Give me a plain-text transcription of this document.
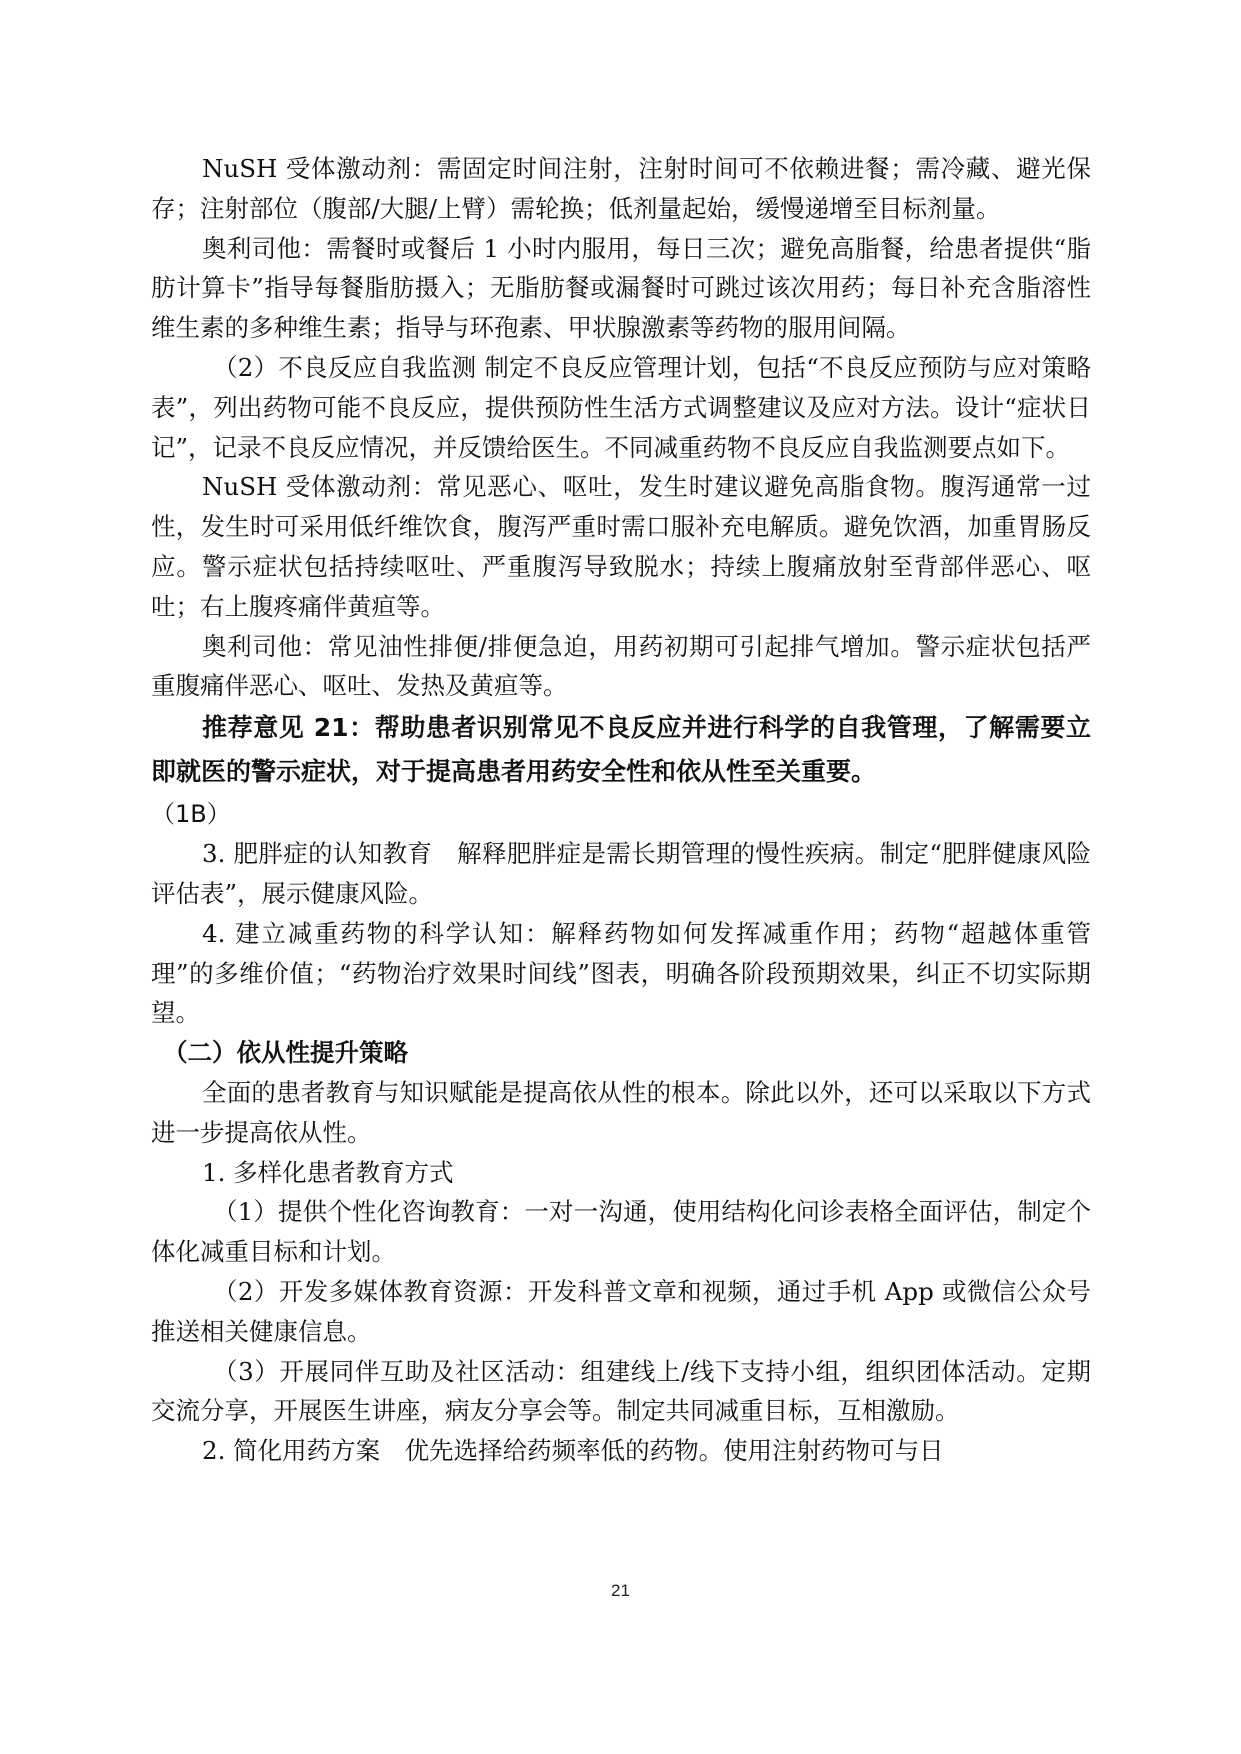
NuSH 受体激动剂：需固定时间注射，注射时间可不依赖进餐；需冷藏、避光保存；注射部位（腹部/大腿/上臂）需轮换；低剂量起始，缓慢递增至目标剂量。

奥利司他：需餐时或餐后 1 小时内服用，每日三次；避免高脂餐，给患者提供“脂肪计算卡”指导每餐脂肪摄入；无脂肪餐或漏餐时可跳过该次用药；每日补充含脂溶性维生素的多种维生素；指导与环孢素、甲状腺激素等药物的服用间隔。

（2）不良反应自我监测 制定不良反应管理计划，包括“不良反应预防与应对策略表”，列出药物可能不良反应，提供预防性生活方式调整建议及应对方法。设计“症状日记”，记录不良反应情况，并反馈给医生。不同减重药物不良反应自我监测要点如下。

NuSH 受体激动剂：常见恶心、呕吐，发生时建议避免高脂食物。腹泻通常一过性，发生时可采用低纤维饮食，腹泻严重时需口服补充电解质。避免饮酒，加重胃肠反应。警示症状包括持续呕吐、严重腹泻导致脱水；持续上腹痛放射至背部伴恶心、呕吐；右上腹疼痛伴黄疸等。

奥利司他：常见油性排便/排便急迫，用药初期可引起排气增加。警示症状包括严重腹痛伴恶心、呕吐、发热及黄疸等。

推荐意见 21：帮助患者识别常见不良反应并进行科学的自我管理，了解需要立即就医的警示症状，对于提高患者用药安全性和依从性至关重要。

（1B）

3. 肥胖症的认知教育　解释肥胖症是需长期管理的慢性疾病。制定“肥胖健康风险评估表”，展示健康风险。

4. 建立减重药物的科学认知：解释药物如何发挥减重作用；药物“超越体重管理”的多维价值；“药物治疗效果时间线”图表，明确各阶段预期效果，纠正不切实际期望。

（二）依从性提升策略

全面的患者教育与知识赋能是提高依从性的根本。除此以外，还可以采取以下方式进一步提高依从性。

1. 多样化患者教育方式

（1）提供个性化咨询教育：一对一沟通，使用结构化问诊表格全面评估，制定个体化减重目标和计划。

（2）开发多媒体教育资源：开发科普文章和视频，通过手机 App 或微信公众号推送相关健康信息。

（3）开展同伴互助及社区活动：组建线上/线下支持小组，组织团体活动。定期交流分享，开展医生讲座，病友分享会等。制定共同减重目标，互相激励。

2. 简化用药方案　优先选择给药频率低的药物。使用注射药物可与日

21
